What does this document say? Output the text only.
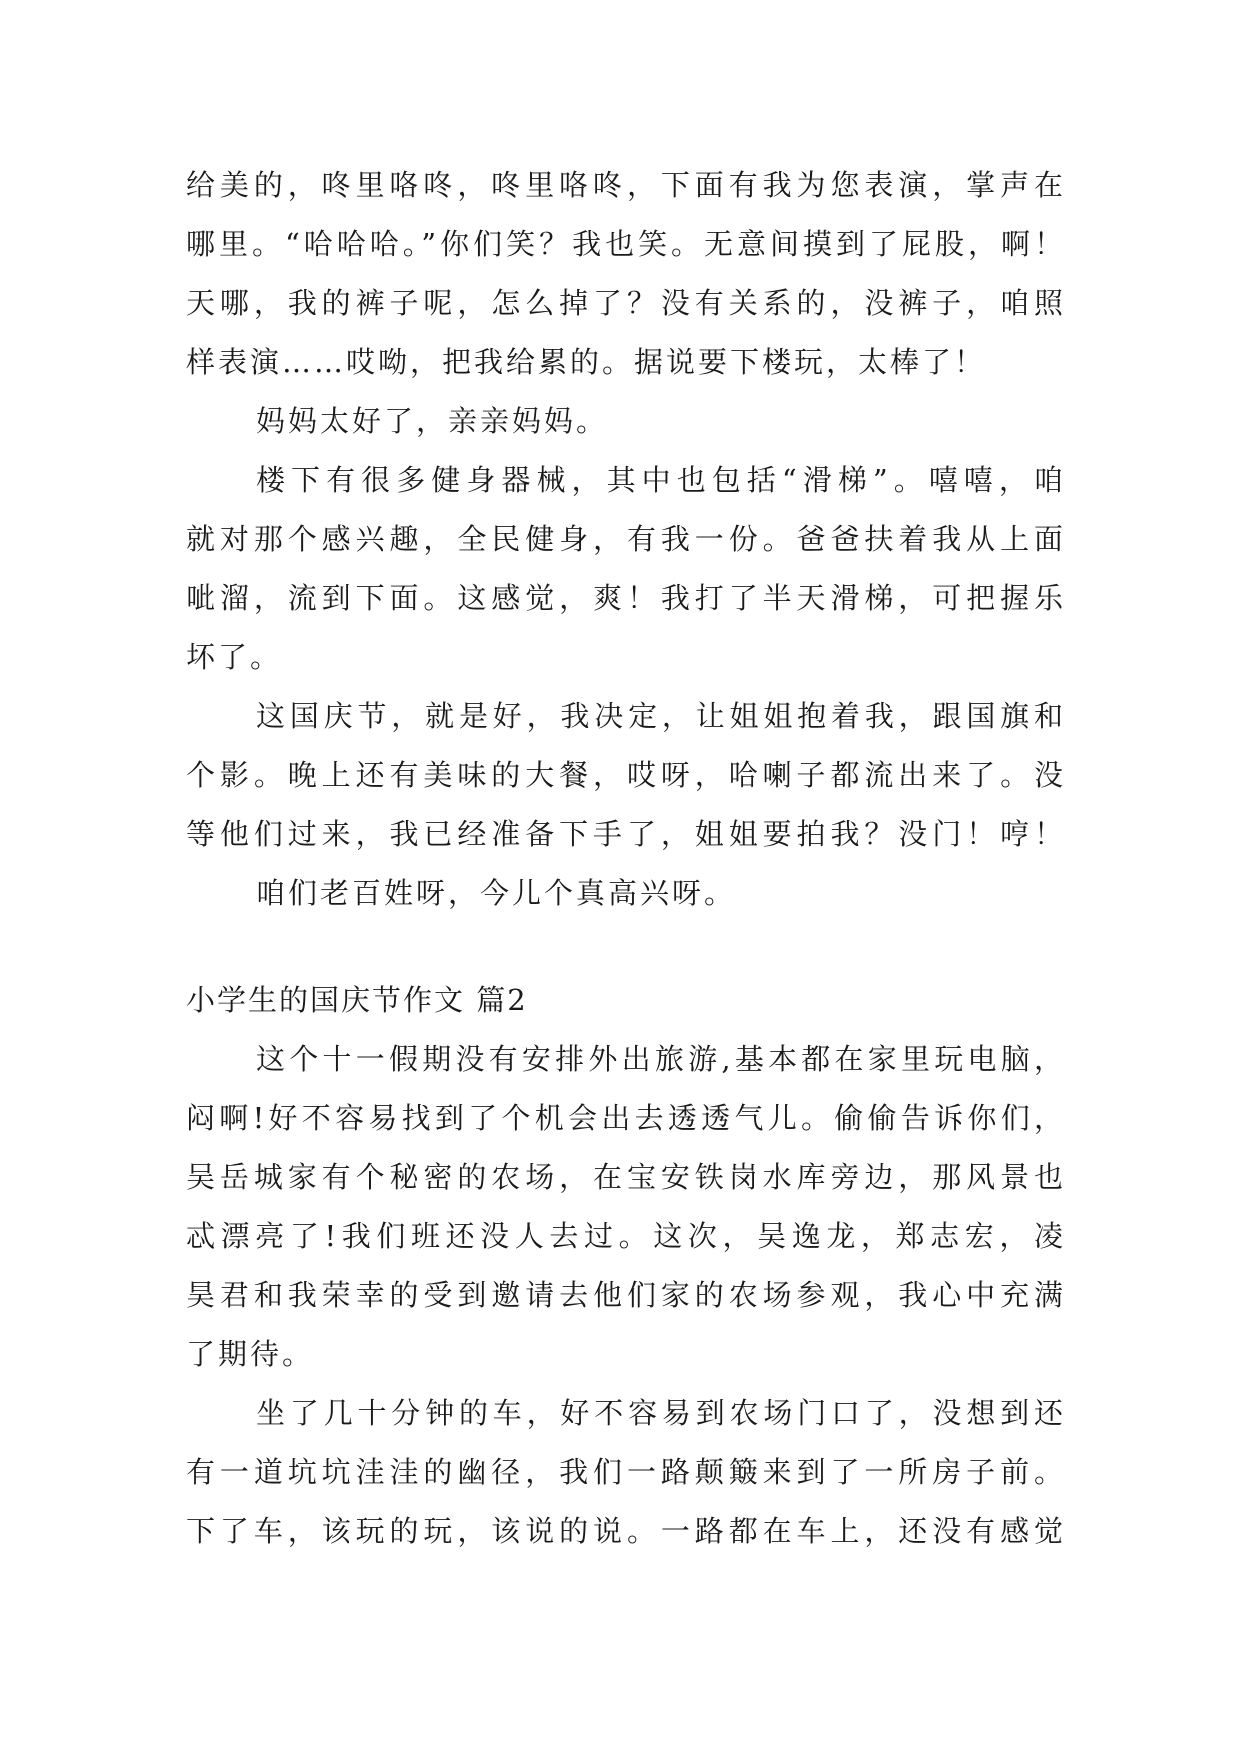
给美的，咚里咯咚，咚里咯咚，下面有我为您表演，掌声在
哪里。“哈哈哈。”你们笑？我也笑。无意间摸到了屁股，啊！
天哪，我的裤子呢，怎么掉了？没有关系的，没裤子，咱照
样表演……哎呦，把我给累的。据说要下楼玩，太棒了！
妈妈太好了，亲亲妈妈。
楼下有很多健身器械，其中也包括“滑梯”。嘻嘻，咱
就对那个感兴趣，全民健身，有我一份。爸爸扶着我从上面
呲溜，流到下面。这感觉，爽！我打了半天滑梯，可把握乐
坏了。
这国庆节，就是好，我决定，让姐姐抱着我，跟国旗和
个影。晚上还有美味的大餐，哎呀，哈喇子都流出来了。没
等他们过来，我已经准备下手了，姐姐要拍我？没门！哼！
咱们老百姓呀，今儿个真高兴呀。
小学生的国庆节作文 篇2
这个十一假期没有安排外出旅游,基本都在家里玩电脑，
闷啊!好不容易找到了个机会出去透透气儿。偷偷告诉你们，
吴岳城家有个秘密的农场，在宝安铁岗水库旁边，那风景也
忒漂亮了!我们班还没人去过。这次，吴逸龙，郑志宏，凌
昊君和我荣幸的受到邀请去他们家的农场参观，我心中充满
了期待。
坐了几十分钟的车，好不容易到农场门口了，没想到还
有一道坑坑洼洼的幽径，我们一路颠簸来到了一所房子前。
下了车，该玩的玩，该说的说。一路都在车上，还没有感觉
